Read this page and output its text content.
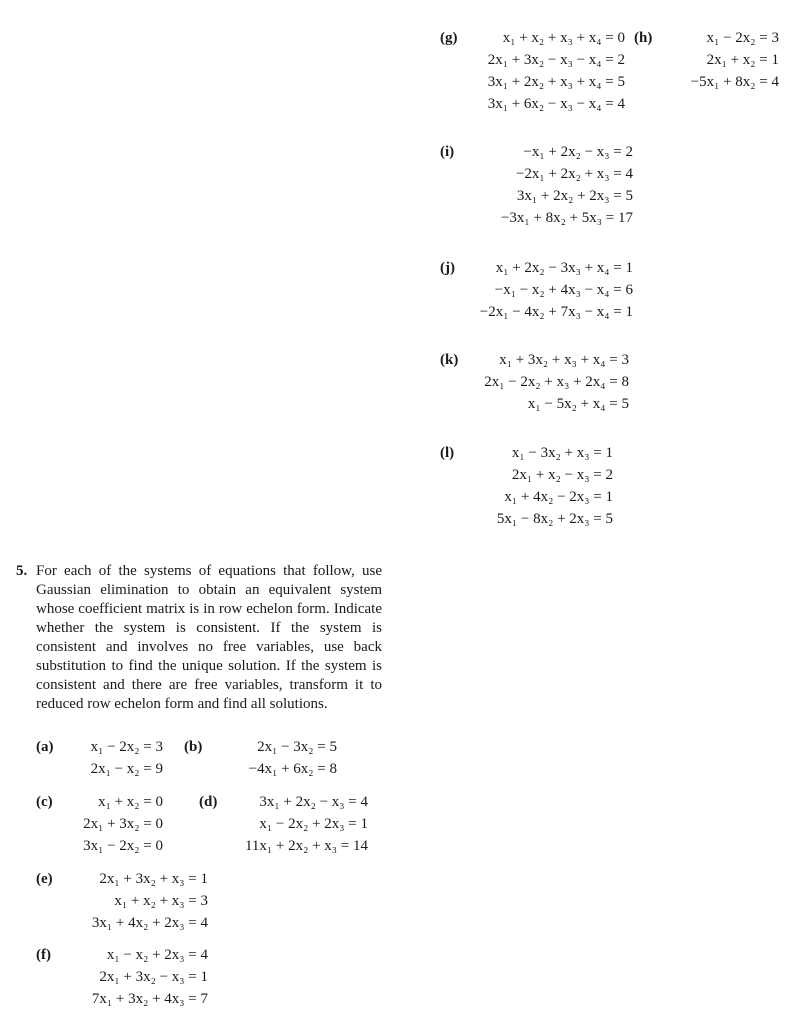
(g)	x₁ + x₂ + x₃ + x₄ = 0
2x₁ + 3x₂ − x₃ − x₄ = 2
3x₁ + 2x₂ + x₃ + x₄ = 5
3x₁ + 6x₂ − x₃ − x₄ = 4
(h)	x₁ − 2x₂ = 3
2x₁ + x₂ = 1
−5x₁ + 8x₂ = 4
(i)	−x₁ + 2x₂ − x₃ = 2
−2x₁ + 2x₂ + x₃ = 4
3x₁ + 2x₂ + 2x₃ = 5
−3x₁ + 8x₂ + 5x₃ = 17
(j)	x₁ + 2x₂ − 3x₃ + x₄ = 1
−x₁ − x₂ + 4x₃ − x₄ = 6
−2x₁ − 4x₂ + 7x₃ − x₄ = 1
(k)	x₁ + 3x₂ + x₃ + x₄ = 3
2x₁ − 2x₂ + x₃ + 2x₄ = 8
x₁ − 5x₂ + x₄ = 5
(l)	x₁ − 3x₂ + x₃ = 1
2x₁ + x₂ − x₃ = 2
x₁ + 4x₂ − 2x₃ = 1
5x₁ − 8x₂ + 2x₃ = 5
5. For each of the systems of equations that follow, use Gaussian elimination to obtain an equivalent system whose coefficient matrix is in row echelon form. Indicate whether the system is consistent. If the system is consistent and involves no free variables, use back substitution to find the unique solution. If the system is consistent and there are free variables, transform it to reduced row echelon form and find all solutions.
(a) x₁ − 2x₂ = 3
2x₁ − x₂ = 9
(b)	2x₁ − 3x₂ = 5
−4x₁ + 6x₂ = 8
(c)	x₁ + x₂ = 0
2x₁ + 3x₂ = 0
3x₁ − 2x₂ = 0
(d)	3x₁ + 2x₂ − x₃ = 4
x₁ − 2x₂ + 2x₃ = 1
11x₁ + 2x₂ + x₃ = 14
(e)	2x₁ + 3x₂ + x₃ = 1
x₁ + x₂ + x₃ = 3
3x₁ + 4x₂ + 2x₃ = 4
(f)	x₁ − x₂ + 2x₃ = 4
2x₁ + 3x₂ − x₃ = 1
7x₁ + 3x₂ + 4x₃ = 7
